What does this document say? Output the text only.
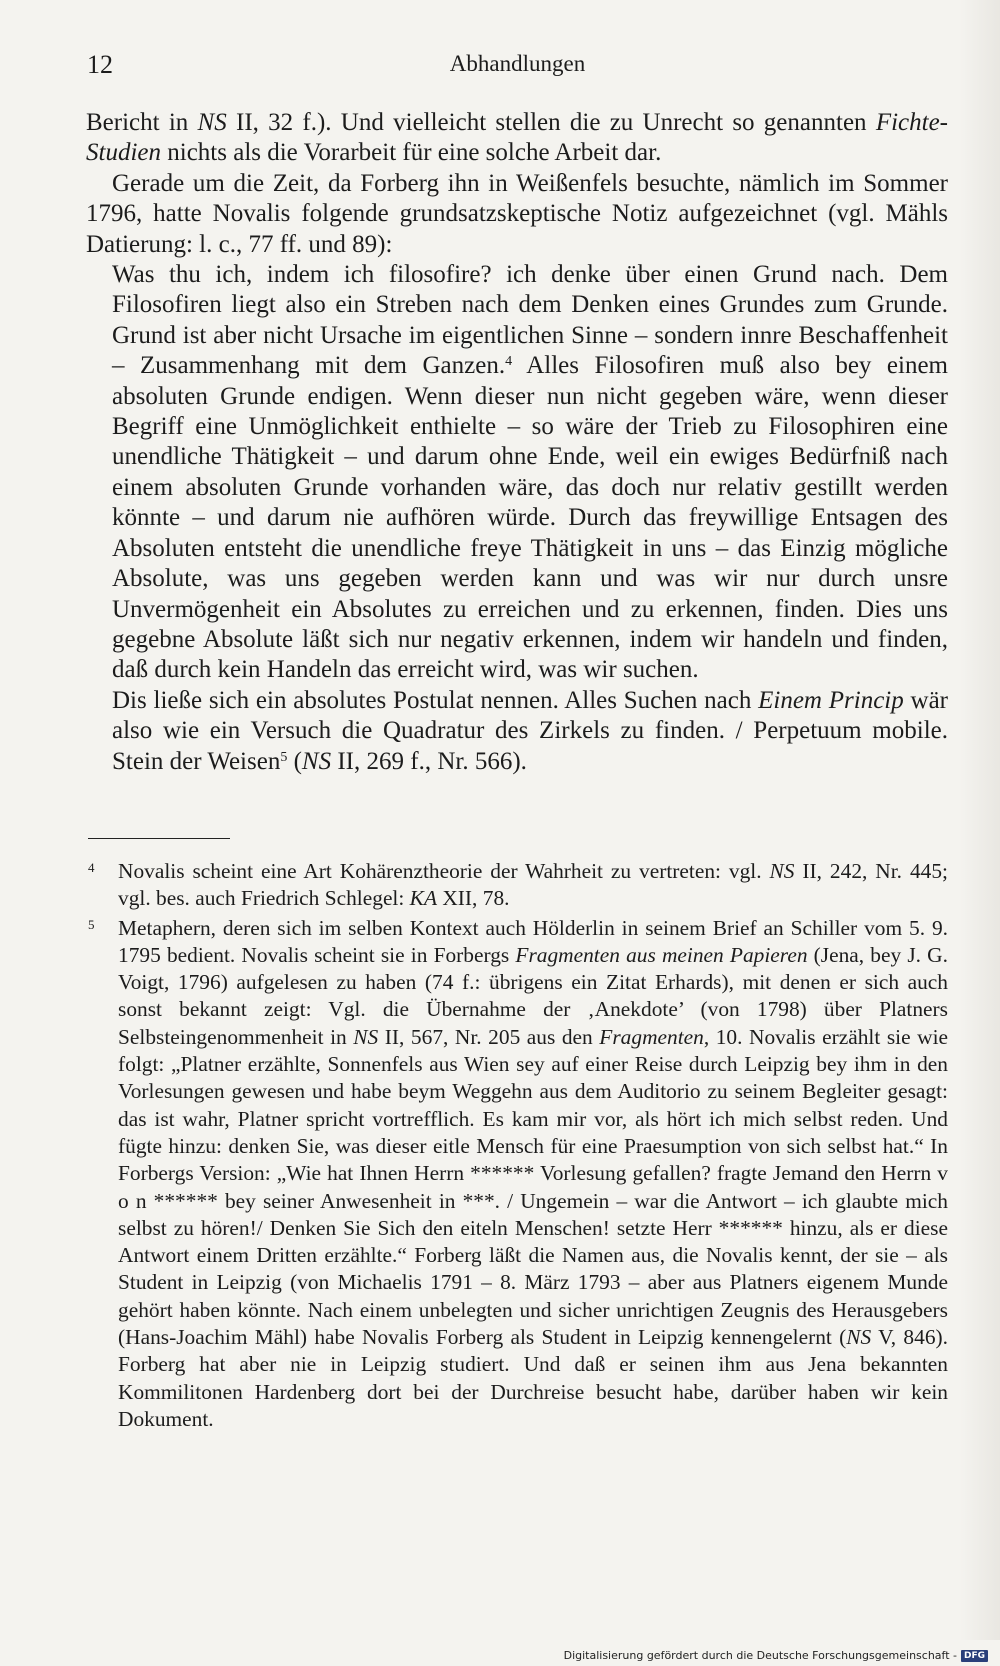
12	Abhandlungen

Bericht in NS II, 32 f.). Und vielleicht stellen die zu Unrecht so genannten Fichte-Studien nichts als die Vorarbeit für eine solche Arbeit dar.

Gerade um die Zeit, da Forberg ihn in Weißenfels besuchte, nämlich im Sommer 1796, hatte Novalis folgende grundsatzskeptische Notiz aufgezeichnet (vgl. Mähls Datierung: l. c., 77 ff. und 89):

Was thu ich, indem ich filosofire? ich denke über einen Grund nach. Dem Filosofiren liegt also ein Streben nach dem Denken eines Grundes zum Grunde. Grund ist aber nicht Ursache im eigentlichen Sinne – sondern innre Beschaffenheit – Zusammenhang mit dem Ganzen.$^4$ Alles Filosofiren muß also bey einem absoluten Grunde endigen. Wenn dieser nun nicht gegeben wäre, wenn dieser Begriff eine Unmöglichkeit enthielte – so wäre der Trieb zu Filosophiren eine unendliche Thätigkeit – und darum ohne Ende, weil ein ewiges Bedürfniß nach einem absoluten Grunde vorhanden wäre, das doch nur relativ gestillt werden könnte – und darum nie aufhören würde. Durch das freywillige Entsagen des Absoluten entsteht die unendliche freye Thätigkeit in uns – das Einzig mögliche Absolute, was uns gegeben werden kann und was wir nur durch unsre Unvermögenheit ein Absolutes zu erreichen und zu erkennen, finden. Dies uns gegebne Absolute läßt sich nur negativ erkennen, indem wir handeln und finden, daß durch kein Handeln das erreicht wird, was wir suchen.

Dis ließe sich ein absolutes Postulat nennen. Alles Suchen nach Einem Princip wär also wie ein Versuch die Quadratur des Zirkels zu finden. / Perpetuum mobile. Stein der Weisen$^5$ (NS II, 269 f., Nr. 566).

4 Novalis scheint eine Art Kohärenztheorie der Wahrheit zu vertreten: vgl. NS II, 242, Nr. 445; vgl. bes. auch Friedrich Schlegel: KA XII, 78.

5 Metaphern, deren sich im selben Kontext auch Hölderlin in seinem Brief an Schiller vom 5. 9. 1795 bedient. Novalis scheint sie in Forbergs Fragmenten aus meinen Papieren (Jena, bey J. G. Voigt, 1796) aufgelesen zu haben (74 f.: übrigens ein Zitat Erhards), mit denen er sich auch sonst bekannt zeigt: Vgl. die Übernahme der ‚Anekdote’ (von 1798) über Platners Selbsteingenommenheit in NS II, 567, Nr. 205 aus den Fragmenten, 10. Novalis erzählt sie wie folgt: „Platner erzählte, Sonnenfels aus Wien sey auf einer Reise durch Leipzig bey ihm in den Vorlesungen gewesen und habe beym Weggehn aus dem Auditorio zu seinem Begleiter gesagt: das ist wahr, Platner spricht vortrefflich. Es kam mir vor, als hört ich mich selbst reden. Und fügte hinzu: denken Sie, was dieser eitle Mensch für eine Praesumption von sich selbst hat.“ In Forbergs Version: „Wie hat Ihnen Herrn ****** Vorlesung gefallen? fragte Jemand den Herrn v o n ****** bey seiner Anwesenheit in ***. / Ungemein – war die Antwort – ich glaubte mich selbst zu hören!/ Denken Sie Sich den eiteln Menschen! setzte Herr ****** hinzu, als er diese Antwort einem Dritten erzählte.“ Forberg läßt die Namen aus, die Novalis kennt, der sie – als Student in Leipzig (von Michaelis 1791 – 8. März 1793 – aber aus Platners eigenem Munde gehört haben könnte. Nach einem unbelegten und sicher unrichtigen Zeugnis des Herausgebers (Hans-Joachim Mähl) habe Novalis Forberg als Student in Leipzig kennengelernt (NS V, 846). Forberg hat aber nie in Leipzig studiert. Und daß er seinen ihm aus Jena bekannten Kommilitonen Hardenberg dort bei der Durchreise besucht habe, darüber haben wir kein Dokument.

Digitalisierung gefördert durch die Deutsche Forschungsgemeinschaft - DFG
